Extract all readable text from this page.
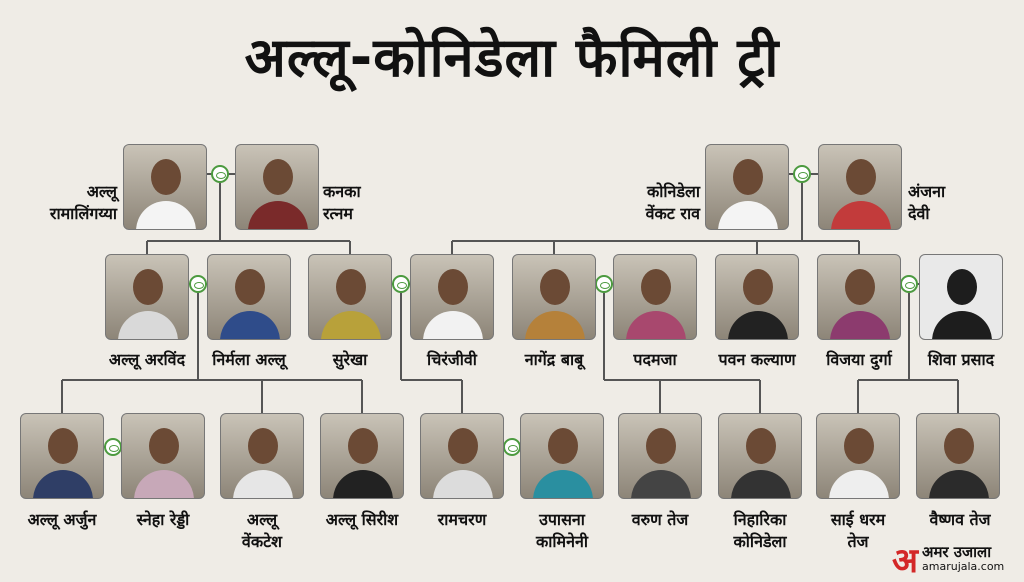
अल्लू-कोनिडेला फैमिली ट्री
अल्लू
रामालिंगय्या
कनका
रत्नम
कोनिडेला
वेंकट राव
अंजना
देवी
अल्लू अरविंद निर्मला अल्लू	सुरेखा	चिरंजीवी	नागेंद्र बाबू	पदमजा	पवन कल्याण विजया दुर्गा शिवा प्रसाद
अल्लू अर्जुन	स्नेहा रेड्डी	अल्लू
वेंकटेश
अल्लू सिरीश रामचरण	उपासना
कामिनेनी
वरुण तेज	निहारिका
कोनिडेला
साई धरम
तेज
वैष्णव तेज
अ अमर उजाला
amarujala.com
